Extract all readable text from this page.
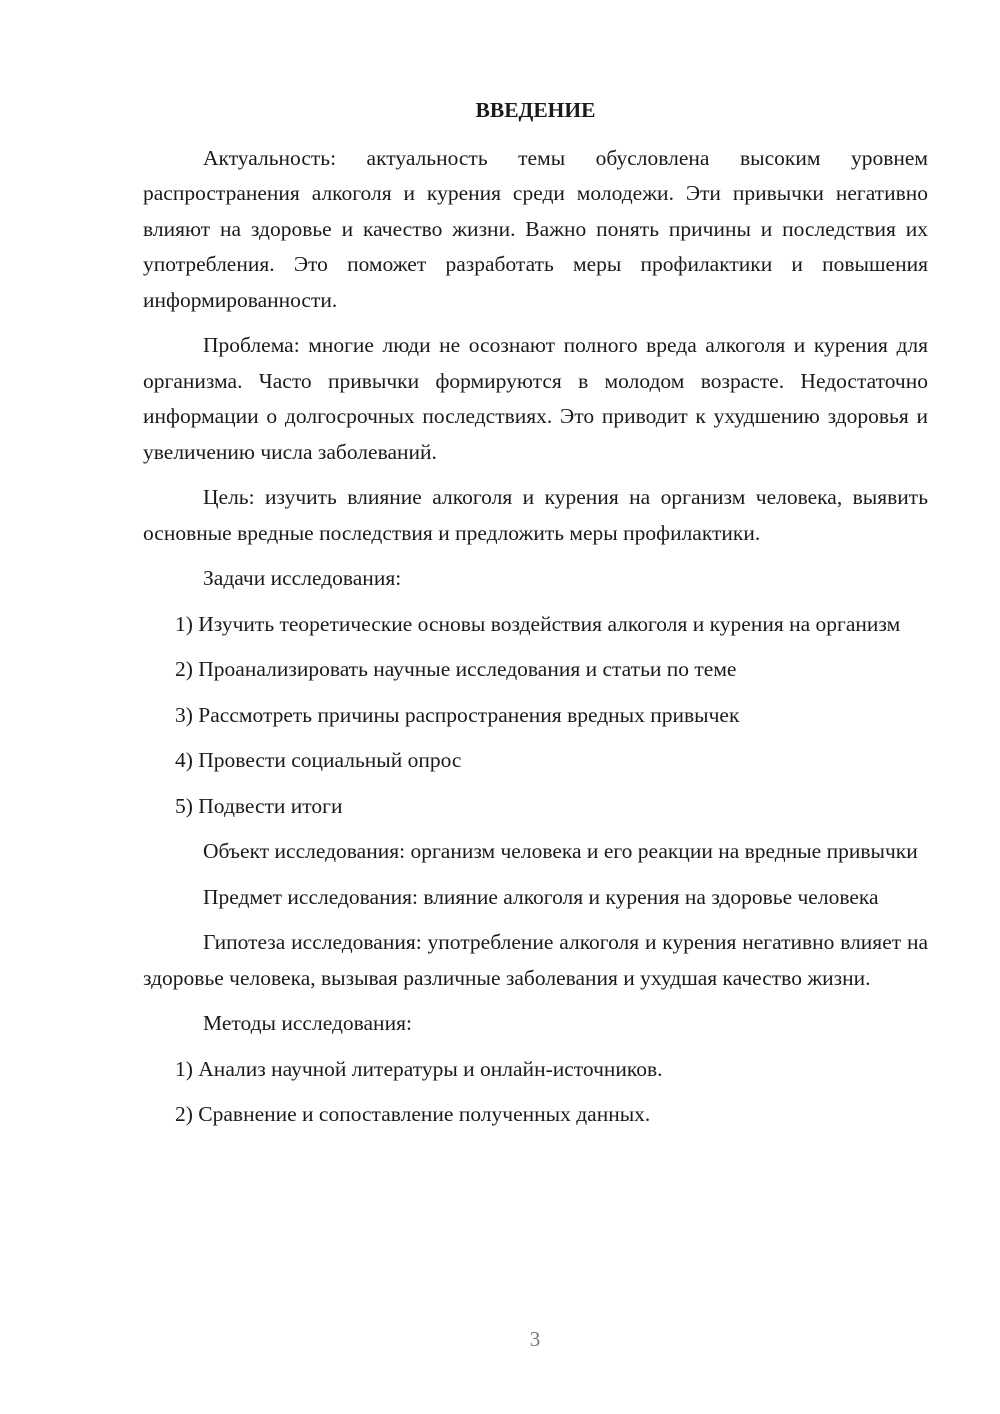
ВВЕДЕНИЕ

Актуальность: актуальность темы обусловлена высоким уровнем распространения алкоголя и курения среди молодежи. Эти привычки негативно влияют на здоровье и качество жизни. Важно понять причины и последствия их употребления. Это поможет разработать меры профилактики и повышения информированности.

Проблема: многие люди не осознают полного вреда алкоголя и курения для организма. Часто привычки формируются в молодом возрасте. Недостаточно информации о долгосрочных последствиях. Это приводит к ухудшению здоровья и увеличению числа заболеваний.

Цель: изучить влияние алкоголя и курения на организм человека, выявить основные вредные последствия и предложить меры профилактики.

Задачи исследования:

1) Изучить теоретические основы воздействия алкоголя и курения на организм

2) Проанализировать научные исследования и статьи по теме

3) Рассмотреть причины распространения вредных привычек

4) Провести социальный опрос

5) Подвести итоги

Объект исследования: организм человека и его реакции на вредные привычки

Предмет исследования: влияние алкоголя и курения на здоровье человека

Гипотеза исследования: употребление алкоголя и курения негативно влияет на здоровье человека, вызывая различные заболевания и ухудшая качество жизни.

Методы исследования:

1) Анализ научной литературы и онлайн-источников.

2) Сравнение и сопоставление полученных данных.

3
